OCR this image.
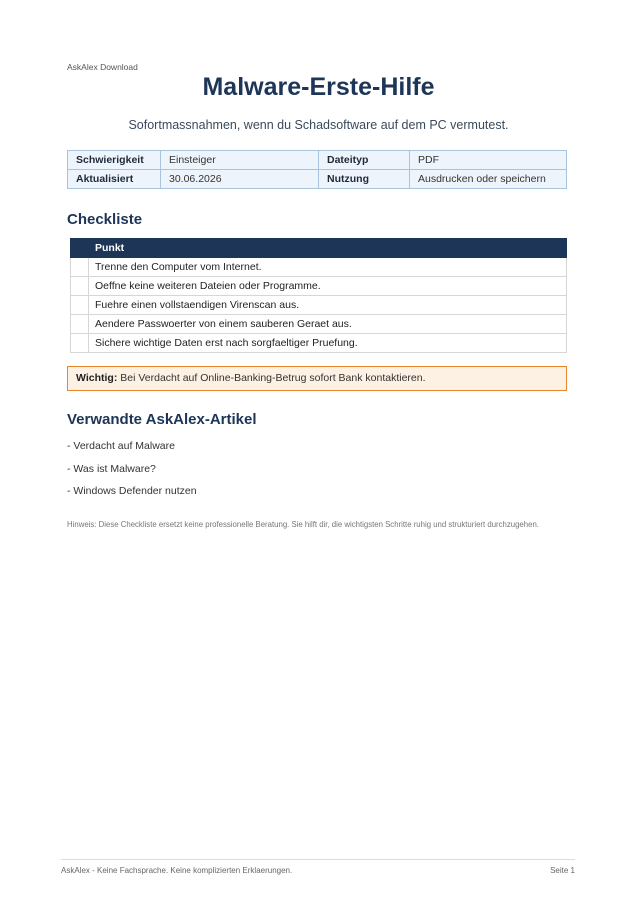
AskAlex Download
Malware-Erste-Hilfe
Sofortmassnahmen, wenn du Schadsoftware auf dem PC vermutest.
Schwierigkeit	Einsteiger	Dateityp	PDF
Aktualisiert	30.06.2026	Nutzung	Ausdrucken oder speichern
Checkliste
	Punkt
	Trenne den Computer vom Internet.
	Oeffne keine weiteren Dateien oder Programme.
	Fuehre einen vollstaendigen Virenscan aus.
	Aendere Passwoerter von einem sauberen Geraet aus.
	Sichere wichtige Daten erst nach sorgfaeltiger Pruefung.
Wichtig: Bei Verdacht auf Online-Banking-Betrug sofort Bank kontaktieren.
Verwandte AskAlex-Artikel
- Verdacht auf Malware
- Was ist Malware?
- Windows Defender nutzen
Hinweis: Diese Checkliste ersetzt keine professionelle Beratung. Sie hilft dir, die wichtigsten Schritte ruhig und strukturiert durchzugehen.
AskAlex - Keine Fachsprache. Keine komplizierten Erklaerungen.	Seite 1
